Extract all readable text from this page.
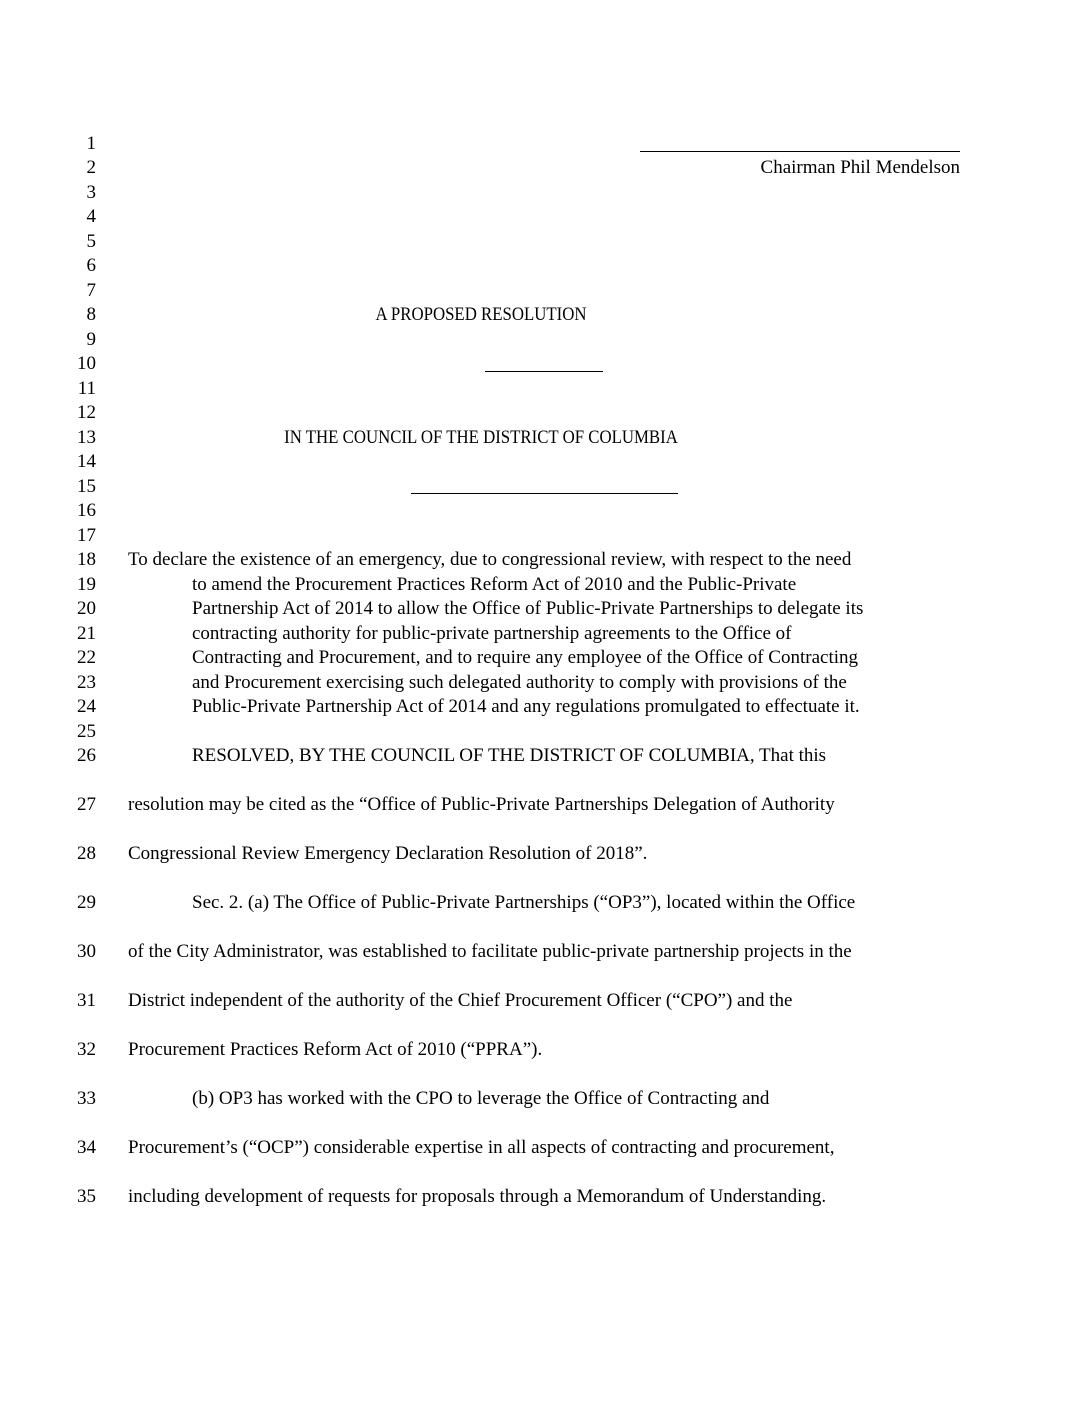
Chairman Phil Mendelson
1
2
3
4
5
6
7
8
9
10
11
12
13
14
15
16
17
18
19
20
21
22
23
24
25
26
27
28
29
30
31
32
33
34
35
A PROPOSED RESOLUTION
IN THE COUNCIL OF THE DISTRICT OF COLUMBIA
To declare the existence of an emergency, due to congressional review, with respect to the need
to amend the Procurement Practices Reform Act of 2010 and the Public-Private
Partnership Act of 2014 to allow the Office of Public-Private Partnerships to delegate its
contracting authority for public-private partnership agreements to the Office of
Contracting and Procurement, and to require any employee of the Office of Contracting
and Procurement exercising such delegated authority to comply with provisions of the
Public-Private Partnership Act of 2014 and any regulations promulgated to effectuate it.
RESOLVED, BY THE COUNCIL OF THE DISTRICT OF COLUMBIA, That this
resolution may be cited as the “Office of Public-Private Partnerships Delegation of Authority
Congressional Review Emergency Declaration Resolution of 2018”.
Sec. 2. (a) The Office of Public-Private Partnerships (“OP3”), located within the Office
of the City Administrator, was established to facilitate public-private partnership projects in the
District independent of the authority of the Chief Procurement Officer (“CPO”) and the
Procurement Practices Reform Act of 2010 (“PPRA”).
(b) OP3 has worked with the CPO to leverage the Office of Contracting and
Procurement’s (“OCP”) considerable expertise in all aspects of contracting and procurement,
including development of requests for proposals through a Memorandum of Understanding.
